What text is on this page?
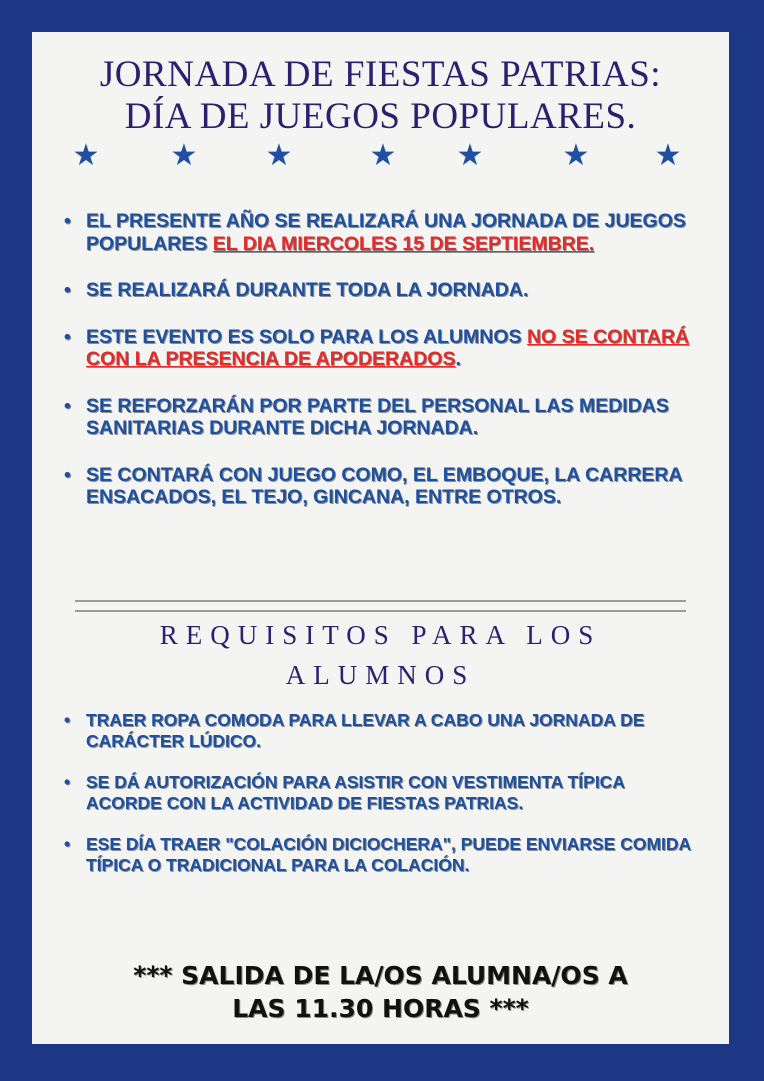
JORNADA DE FIESTAS PATRIAS:
DÍA DE JUEGOS POPULARES.
★ ★ ★	★ ★	★ ★
• EL PRESENTE AÑO SE REALIZARÁ UNA JORNADA DE JUEGOS POPULARES EL DIA MIERCOLES 15 DE SEPTIEMBRE.
• SE REALIZARÁ DURANTE TODA LA JORNADA.
• ESTE EVENTO ES SOLO PARA LOS ALUMNOS NO SE CONTARÁ CON LA PRESENCIA DE APODERADOS.
• SE REFORZARÁN POR PARTE DEL PERSONAL LAS MEDIDAS SANITARIAS DURANTE DICHA JORNADA.
• SE CONTARÁ CON JUEGO COMO, EL EMBOQUE, LA CARRERA ENSACADOS, EL TEJO, GINCANA, ENTRE OTROS.
REQUISITOS PARA LOS
ALUMNOS
• TRAER ROPA COMODA PARA LLEVAR A CABO UNA JORNADA DE CARÁCTER LÚDICO.
• SE DÁ AUTORIZACIÓN PARA ASISTIR CON VESTIMENTA TÍPICA ACORDE CON LA ACTIVIDAD DE FIESTAS PATRIAS.
• ESE DÍA TRAER "COLACIÓN DICIOCHERA", PUEDE ENVIARSE COMIDA TÍPICA O TRADICIONAL PARA LA COLACIÓN.
*** SALIDA DE LA/OS ALUMNA/OS A
LAS 11.30 HORAS ***
